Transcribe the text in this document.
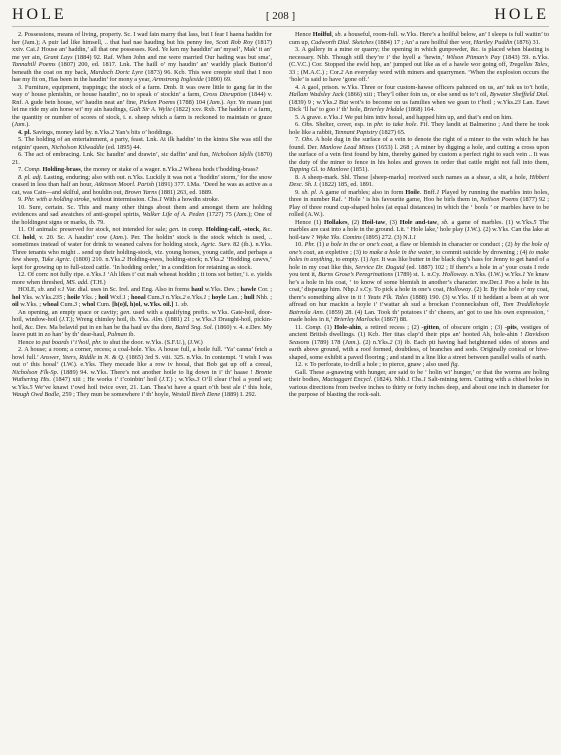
HOLE	[ 208 ]	HOLE

2. Possessions, means of living, property. Sc. I wad fain marry that lass, but I fear I haena haddin for her (Jam.); A puir lad like himsell, .. that had nae hauding but his penny fee, Scott Rob Roy (1817) xxiv. Cai.1 House an’ haddin,’ all that one possesses. Ked. Ye ken my hauddin’ an’ mysel’, Mak’ it an’ me yer ain, Grant Lays (1884) 92. Raf. When John and me were married Our hading was but sma’, Tannahill Poems (1807) 200, ed. 1817. Lnk. The haill o’ my haudin’ an’ warldly plack Button’d beneath the coat on my back, Murdoch Doric Lyre (1873) 96. Kcb. This wee creepie stuil that I noo hae my fit on, Has been in the haudin’ for mony a year, Armstrong Ingleside (1890) 69.

3. Furniture, equipment, trappings; the stock of a farm. Dmb. It was owre little to gang far in the way o’ house plenishin, or house haudin’, no to speak o’ stockin’ a farm, Cross Disruption (1844) v. Rnf. A gude bein house, wi’ haudin neat an’ fine, Picken Poems (1788) 104 (Jam.). Ayr. Ye maun just let me ride my ain horse wi’ my ain haudings, Galt Sir A. Wylie (1822) xxv. Rxb. The haddin o’ a farm, the quantity or number of scores of stock, i. e. sheep which a farm is reckoned to maintain or graze (Jam.).

4. pl. Savings, money laid by. n.Yks.2 Yan’s bits o’ hoddings.

5. The holding of an entertainment, a party, feast. Lnk. At ilk haddin’ in the kintra She was still the reignin’ queen, Nicholson Kilwuddie (ed. 1895) 44.

6. The act of embracing. Lnk. Sic haudin’ and drawin’, sic daffin’ and fun, Nicholson Idylls (1870) 21.

7. Comp. Holding-brass, the money or stake of a wager. n.Yks.2 Wheea hods t’hodding-brass?

8. pl. adj. Lasting, enduring; also with out. n.Yks. Luckily it was not a ‘hoddin’ storm,’ for the snow ceased in less than half an hour, Atkinson Moorl. Parish (1891) 377. I.Ma. ‘Deed he was as active as a cat, was Cain—and skilful, and houldin out, Brown Yarns (1881) 263, ed. 1889.

9. Phr. with a holding stroke, without intermission. Chs.1 With a howdin stroke.

10. Sure, certain. Sc. This and many other things about them and amongst them are holding evidences and sad awatches of anti-gospel spirits, Walker Life of A. Peden (1727) 75 (Jam.); One of the holdingest signs or marks, ib. 79.

11. Of animals: preserved for stock, not intended for sale; gen. in comp. Holding-calf, -stock, &c. Cf. hold, v. 20. Sc. A haudin’ cow (Jam.). Per. The holdin’ stock is the stock which is used, .. sometimes instead of water for drink to weaned calves for holding stock, Agric. Surv. 82 (ib.). n.Yks. Three tenants who might .. send up their holding-stock, viz. young horses, young cattle, and perhaps a few sheep, Tuke Agric. (1800) 210. n.Yks.2 Holding-ewes, holding-stock; n.Yks.2 ‘Hodding cawvs,’ kept for growing up to full-sized cattle. ‘In hodding order,’ in a condition for retaining as stock.

12. Of corn: not fully ripe. e.Yks.1 ‘Ah likes t’ cut mah wheeat hoddin ; it tons sot better,’ i. e. yields more when threshed, MS. add. (T.H.)

HOLE, sb. and v.1 Var. dial. uses in Sc. Irel. and Eng. Also in forms haul w.Yks. Dev. ; hawle Cor. ; hol Yks. w.Yks.235 ; hoile Yks. ; hoil Wxf.1 ; hooal Cum.3 n.Yks.2 e.Yks.1 ; hoyle Lan. ; hull Nhb. ; oil w.Yks. ; whoal Cum.3 ; whol Cum. [h(o)l, h)ol, w.Yks. oil.] 1. sb.

An opening, an empty space or cavity; gen. used with a qualifying prefix. w.Yks. Gate-hoil, door-hoil, window-hoil (J.T.); Wreng chimley hoil, ib. Yks. Alm. (1881) 21 ; w.Yks.3 Draught-hoil, pickin-hoil, &c. Dev. Ma belavid put in en han be tha haul uv tha dore, Baird Sng. Sol. (1860) v. 4. e.Dev. My leave putt in zo han’ by th’ dear-haul, Pulman ib.

Hence to put boards i’ t’hoil, phr. to shut the door. w.Yks. (S.F.U.), (J.W.)

2. A house; a room; a corner, recess; a coal-hole. Yks. A house full, a hoile full. ‘Ya’ canna’ fetch a howl full.’ Answer, Yeers, Riddle in N. & Q. (1865) 3rd S. viii. 325. n.Yks. In contempt. ‘I wish I was out o’ this hooal’ (I.W.). e.Yks. They mecade like a row iv hooal, that Bob gat up off a creeal, Nicholson Flk-Sp. (1889) 94. w.Yks. There’s not another hoile to lig down in i’ th’ haase ! Bronte Wuthering Hts. (1847) xiii ; He works i’ t’coinbin’ hoil (J.T.) ; w.Yks.3 O’ll clear t’hol a yond set; w.Yks.5 We’ve knawi t’owd hoil twice over, 21. Lan. Thea’st have a quart o’th best ale i’ this hole, Waugh Owd Bodle, 259 ; They mun be somewhere i’ th’ hoyle, Westall Birch Dene (1889) I. 292.

Hence Hoilful, sb. a houseful, room-full. w.Yks. Here’s a hoilful below, an’ I sleeps is full waitin’ to cum up, Cudworth Dial. Sketches (1884) 17 ; An’ a rare hoilful ther wor, Hartley Puddin (1876) 31.

3. A gallery in a mine or quarry; the opening in which gunpowder, &c. is placed when blasting is necessary. Nhb. Though still they’re i’ the hyell a ‘hewin,’ Wilson Pitman’s Pay (1843) 59. n.Yks. (C.V.C.) Cor. Stopped the ewld hop, an’ jumped out like as ef a hawle wor going off, Tregellas Tales, 33 ; (M.A.C.) ; Cor.2 An everyday word with miners and quarrymen. ‘When the explosion occurs the ‘hole’ is said to have ‘gone off.’

4. A gaol, prison. w.Yks. Three or four custom-hawse officers pahnced on us, an’ tuk us to’t hoile, Hallam Wadsley Jack (1866) xiii ; They’l other foin us, or else send us to’t oil, Bywater Sheffield Dial. (1839) 9 ; w.Yks.2 But wot’s to become on us families when we goan to t’hoil ; w.Yks.23 Lan. Eawt Dick ’ll ha’ to goo i’ th’ hole, Brierley Irkdale (1868) 164.

5. A grave. e.Yks.1 We put him intiv hooal, and happed him up, and that’s end on him.

6. Obs. Shelter, cover, esp. in phr. to take hole. Fif. They landit at Balmerino ; And there he took hole like a rabbit, Tennant Papistry (1827) 65.

7. Obs. A hole dug in the surface of a vein to denote the right of a miner to the vein which he has found. Der. Manlove Lead Mines (1653) l. 268 ; A miner by digging a hole, and cutting a cross upon the surface of a vein first found by him, thereby gained by custom a perfect right to such vein .. It was the duty of the miner to fence in his holes and groves in order that cattle might not fall into them, Tapping Gl. to Manlove (1851).

8. A sheep-mark. Shl. These [sheep-marks] received such names as a shear, a slit, a hole, Hibbert Desc. Sh. I. (1822) 185, ed. 1891.

9. sb. pl. A game of marbles; also in form Hoile. Bnff.1 Played by running the marbles into holes, three in number Raf. ‘ Hole ’ is his favourite game, Hoo he birls them in, Neilson Poems (1877) 92 ; Play of three round cup-shaped holes (at equal distances) in which the ‘ bools ’ or marbles have to be rolled (A.W.).

Hence (1) Hollakes, (2) Hoil-taw, (3) Hole and-taw, sb. a game of marbles. (1) w.Yks.5 The marbles are cast into a hole in the ground. Lit. ‘ Hole lake,’ hole play (J.W.). (2) w.Yks. Can tha lake at hoil-taw ? Wyke Yks. Comins (1895) 272. (3) N.I.1

10. Phr. (1) a hole in the or one’s coat, a flaw or blemish in character or conduct ; (2) by the hole of one’s coat, an expletive ; (3) to make a hole in the water, to commit suicide by drowning ; (4) to make holes in anything, to empty. (1) Ayr. It was like butter in the black dog’s hass for Jenny to get hand of a hole in my coat like this, Service Dr. Duguid (ed. 1887) 102 ; If there’s a hole in a’ your coats I rede you tent it, Burns Grose’s Peregrinations (1789) st. 1. n.Cy. Holloway. n.Yks. (I.W.) w.Yks.1 Ye knaw he’s a hole in his coat, ‘ to know of some blemish in another’s character. nw.Der.1 Poo a hole in his coat,’ disparage him. Nhp.1 s.Cy. To pick a hole in one’s coat, Holloway. (2) Ir. By the hole o’ my coat, there’s something alive in it ! Yeats Flk. Tales (1888) 190. (3) w.Yks. If it heddant a been at ah wor affread on hur mackin a hoyle i’ t’wattar ah sud a brockan t’conneckshun off, Tom Treddlehoyle Bairnsla Ann. (1859) 28. (4) Lan. Took th’ potatoes i’ th’ cheers, an’ got to use his own expression, ‘ made holes in it,’ Brierley Marlocks (1867) 88.

11. Comp. (1) Hole-ahin, a retired recess ; (2) -gitten, of obscure origin ; (3) -pits, vestiges of ancient British dwellings. (1) Kcb. Her titas clap’d their pips an’ hooted Ah, hole-ahin ! Davidson Seasons (1789) 178 (Jam.). (2) n.Yks.2 (3) ib. Each pit having had heightened sides of stones and earth above ground, with a roof formed, doubtless, of branches and sods. Originally conical or hive-shaped, some exhibit a paved flooring ; and stand in a line like a street between parallel walls of earth.

12. v. To perforate, to drill a hole ; to pierce, gnaw ; also used fig.

Gall. These a-gnawing with hunger, are said to be ‘ holin wi’ hunger,’ or that the worms are holing their bodies, Mactaggart Encycl. (1824). Nhb.1 Chs.1 Salt-mining term. Cutting with a chisel holes in various directions from twelve inches to thirty or forty inches deep, and about one inch in diameter for the purpose of blasting the rock-salt.
